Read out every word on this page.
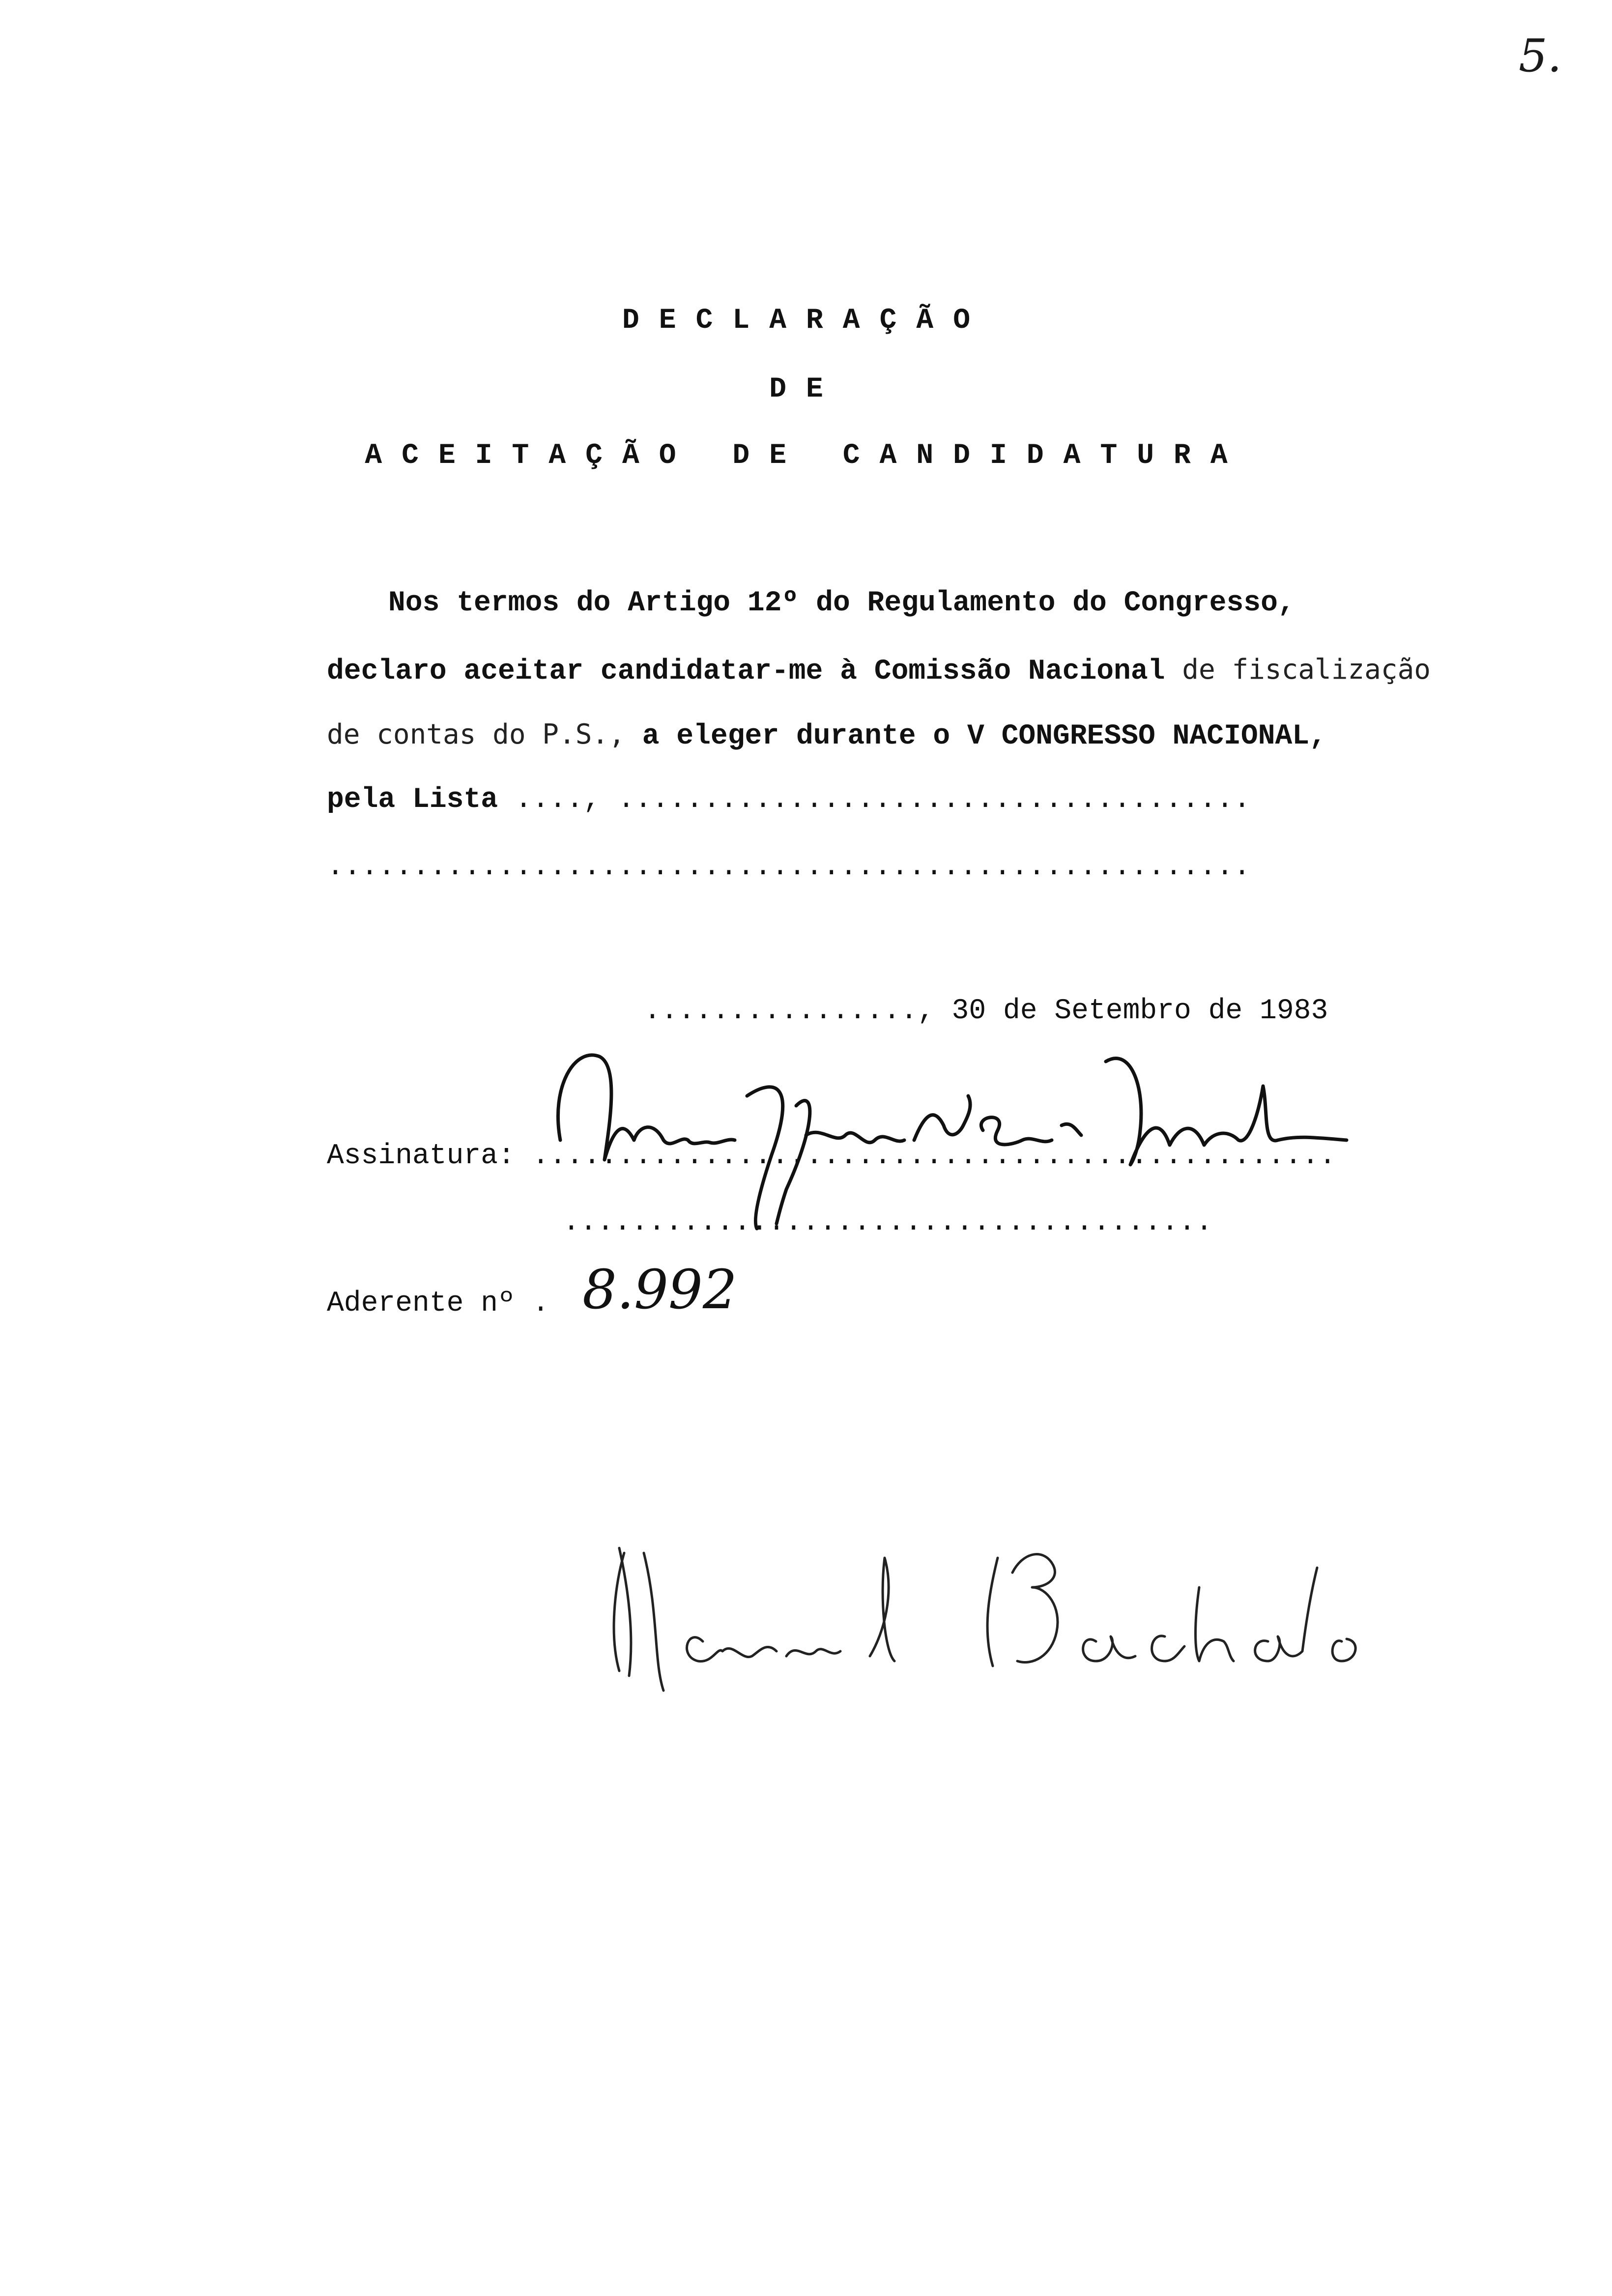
5.
DECLARAÇÃO
DE
ACEITAÇÃO DE CANDIDATURA
Nos termos do Artigo 12º do Regulamento do Congresso,
declaro aceitar candidatar-me à Comissão Nacional de fiscalização
de contas do P.S., a eleger durante o V CONGRESSO NACIONAL,
pela Lista ...., .....................................
......................................................
................, 30 de Setembro de 1983
Assinatura: ...............................................
......................................
Aderente nº . 8.992
